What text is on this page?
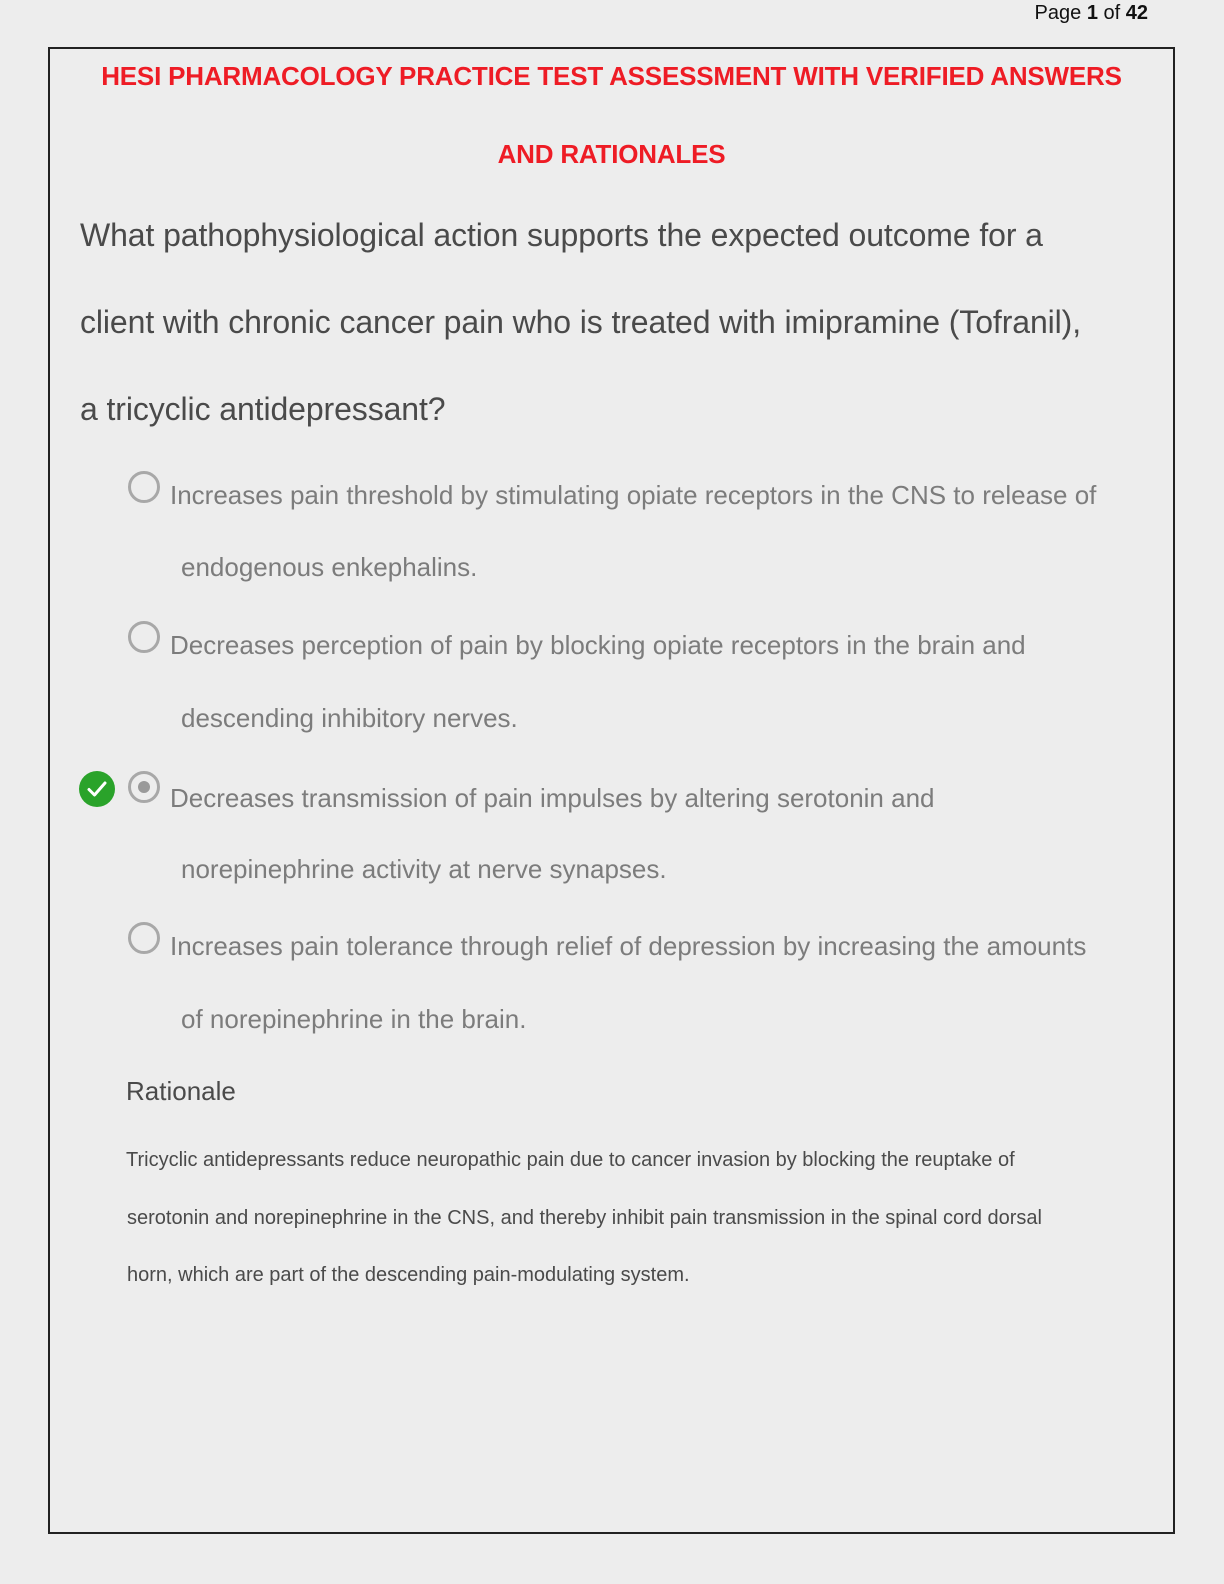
Page 1 of 42
HESI PHARMACOLOGY PRACTICE TEST ASSESSMENT WITH VERIFIED ANSWERS
AND RATIONALES
What pathophysiological action supports the expected outcome for a
client with chronic cancer pain who is treated with imipramine (Tofranil),
a tricyclic antidepressant?
Increases pain threshold by stimulating opiate receptors in the CNS to release of
endogenous enkephalins.
Decreases perception of pain by blocking opiate receptors in the brain and
descending inhibitory nerves.
Decreases transmission of pain impulses by altering serotonin and
norepinephrine activity at nerve synapses.
Increases pain tolerance through relief of depression by increasing the amounts
of norepinephrine in the brain.
Rationale
Tricyclic antidepressants reduce neuropathic pain due to cancer invasion by blocking the reuptake of
serotonin and norepinephrine in the CNS, and thereby inhibit pain transmission in the spinal cord dorsal
horn, which are part of the descending pain-modulating system.
